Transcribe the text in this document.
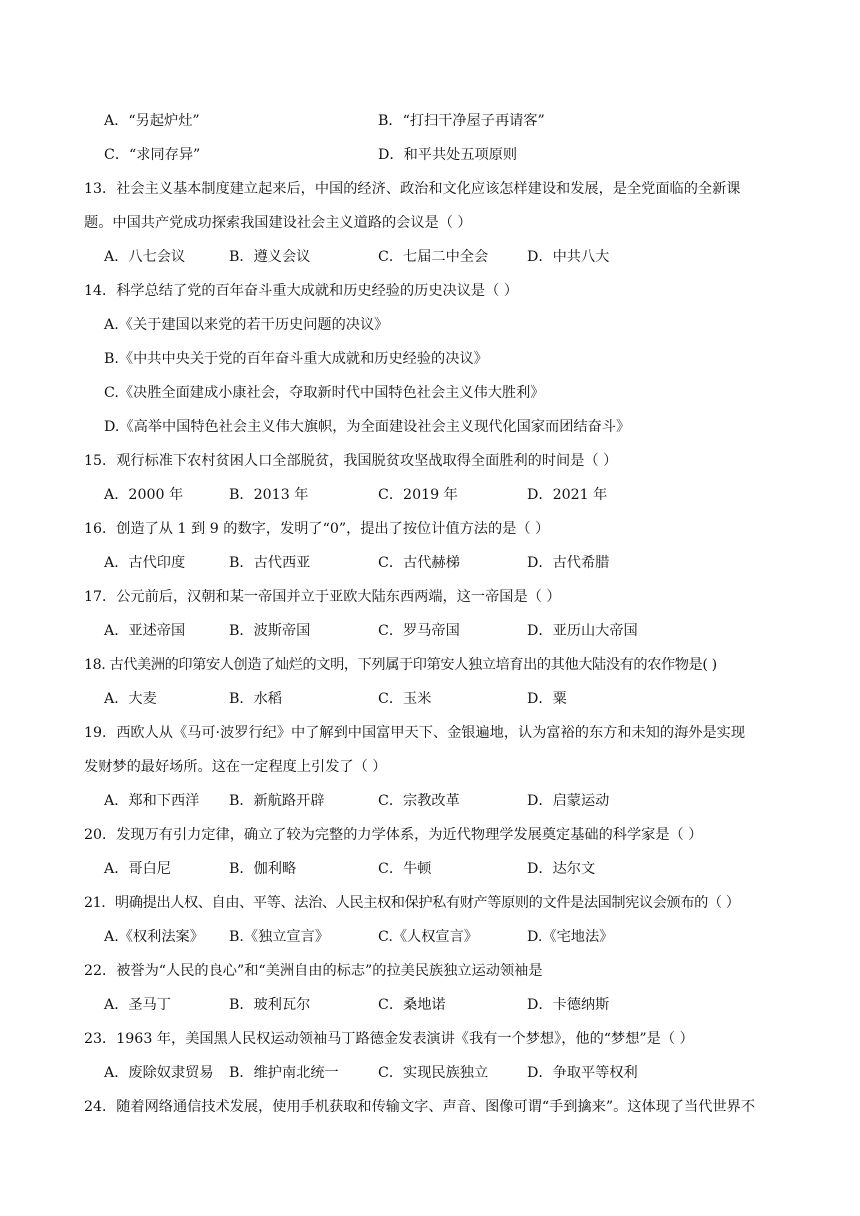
A．“另起炉灶”	B．“打扫干净屋子再请客”
C．“求同存异”	D．和平共处五项原则
13．社会主义基本制度建立起来后，中国的经济、政治和文化应该怎样建设和发展，是全党面临的全新课
题。中国共产党成功探索我国建设社会主义道路的会议是（ ）
A．八七会议	B．遵义会议	C．七届二中全会	D．中共八大
14．科学总结了党的百年奋斗重大成就和历史经验的历史决议是（ ）
A.《关于建国以来党的若干历史问题的决议》
B.《中共中央关于党的百年奋斗重大成就和历史经验的决议》
C.《决胜全面建成小康社会，夺取新时代中国特色社会主义伟大胜利》
D.《高举中国特色社会主义伟大旗帜，为全面建设社会主义现代化国家而团结奋斗》
15．观行标准下农村贫困人口全部脱贫，我国脱贫攻坚战取得全面胜利的时间是（ ）
A．2000 年	B．2013 年	C．2019 年	D．2021 年
16．创造了从 1 到 9 的数字，发明了“0”，提出了按位计值方法的是（ ）
A．古代印度	B．古代西亚	C．古代赫梯	D．古代希腊
17．公元前后，汉朝和某一帝国并立于亚欧大陆东西两端，这一帝国是（ ）
A．亚述帝国	B．波斯帝国	C．罗马帝国	D．亚历山大帝国
18. 古代美洲的印第安人创造了灿烂的文明，下列属于印第安人独立培育出的其他大陆没有的农作物是( )
A．大麦	B．水稻	C．玉米	D．粟
19．西欧人从《马可·波罗行纪》中了解到中国富甲天下、金银遍地，认为富裕的东方和未知的海外是实现
发财梦的最好场所。这在一定程度上引发了（ ）
A．郑和下西洋 B．新航路开辟	C．宗教改革	D．启蒙运动
20．发现万有引力定律，确立了较为完整的力学体系，为近代物理学发展奠定基础的科学家是（ ）
A．哥白尼	B．伽利略	C．牛顿	D．达尔文
21．明确提出人权、自由、平等、法治、人民主权和保护私有财产等原则的文件是法国制宪议会颁布的（ ）
A.《权利法案》 B.《独立宣言》	C.《人权宣言》	D.《宅地法》
22．被誉为“人民的良心”和“美洲自由的标志”的拉美民族独立运动领袖是
A．圣马丁	B．玻利瓦尔	C．桑地诺	D．卡德纳斯
23．1963 年，美国黑人民权运动领袖马丁路德金发表演讲《我有一个梦想》，他的“梦想”是（ ）
A．废除奴隶贸易 B．维护南北统一	C．实现民族独立	D．争取平等权利
24．随着网络通信技术发展，使用手机获取和传输文字、声音、图像可谓“手到擒来”。这体现了当代世界不
